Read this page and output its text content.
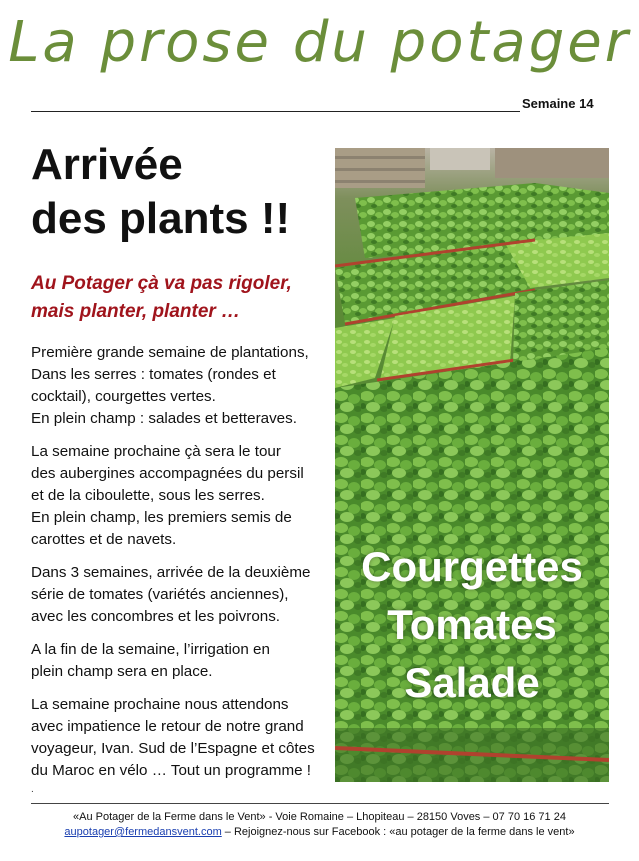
La prose du potager
Semaine 14
Arrivée
des plants !!
Au Potager çà va pas rigoler,
mais planter, planter …
Première grande semaine de plantations,
Dans les serres : tomates (rondes et
cocktail), courgettes vertes.
En plein champ : salades et betteraves.
La semaine prochaine çà sera le tour
des aubergines accompagnées du persil
et de la ciboulette, sous les serres.
En plein champ, les premiers semis de
carottes et de navets.
Dans 3 semaines, arrivée de la deuxième
série de tomates (variétés anciennes),
avec les concombres et les poivrons.
A la fin de la semaine, l’irrigation en
plein champ sera en place.
La semaine prochaine nous attendons
avec impatience le retour de notre grand
voyageur, Ivan. Sud de l’Espagne et côtes
du Maroc en vélo … Tout un programme !
.
Courgettes
Tomates
Salade
«Au Potager de la Ferme dans le Vent» - Voie Romaine – Lhopiteau – 28150 Voves – 07 70 16 71 24
aupotager@fermedansvent.com – Rejoignez-nous sur Facebook : «au potager de la ferme dans le vent»
